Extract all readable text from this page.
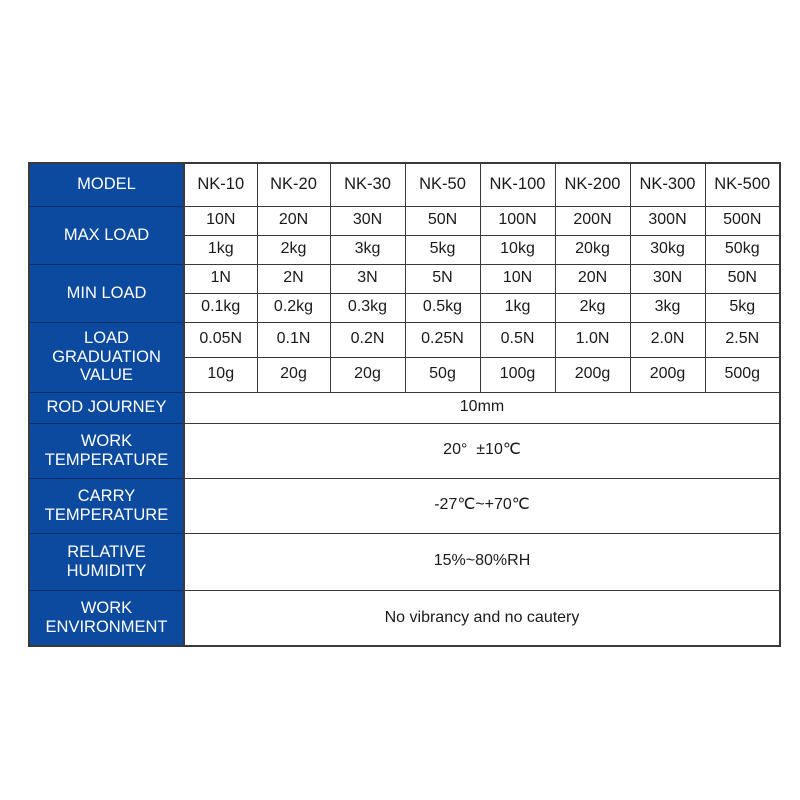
MODEL	NK-10	NK-20	NK-30	NK-50	NK-100	NK-200	NK-300	NK-500
MAX LOAD	10N	20N	30N	50N	100N	200N	300N	500N
	1kg	2kg	3kg	5kg	10kg	20kg	30kg	50kg
MIN LOAD	1N	2N	3N	5N	10N	20N	30N	50N
	0.1kg	0.2kg	0.3kg	0.5kg	1kg	2kg	3kg	5kg

LOAD
GRADUATION
VALUE	0.05N	0.1N	0.2N	0.25N	0.5N	1.0N	2.0N	2.5N
	10g	20g	20g	50g	100g	200g	200g	500g
ROD JOURNEY	10mm							

WORK
TEMPERATURE	20°  ±10℃							

CARRY
TEMPERATURE	-27℃~+70℃							

RELATIVE
HUMIDITY	15%~80%RH							

WORK
ENVIRONMENT	No vibrancy and no cautery							
